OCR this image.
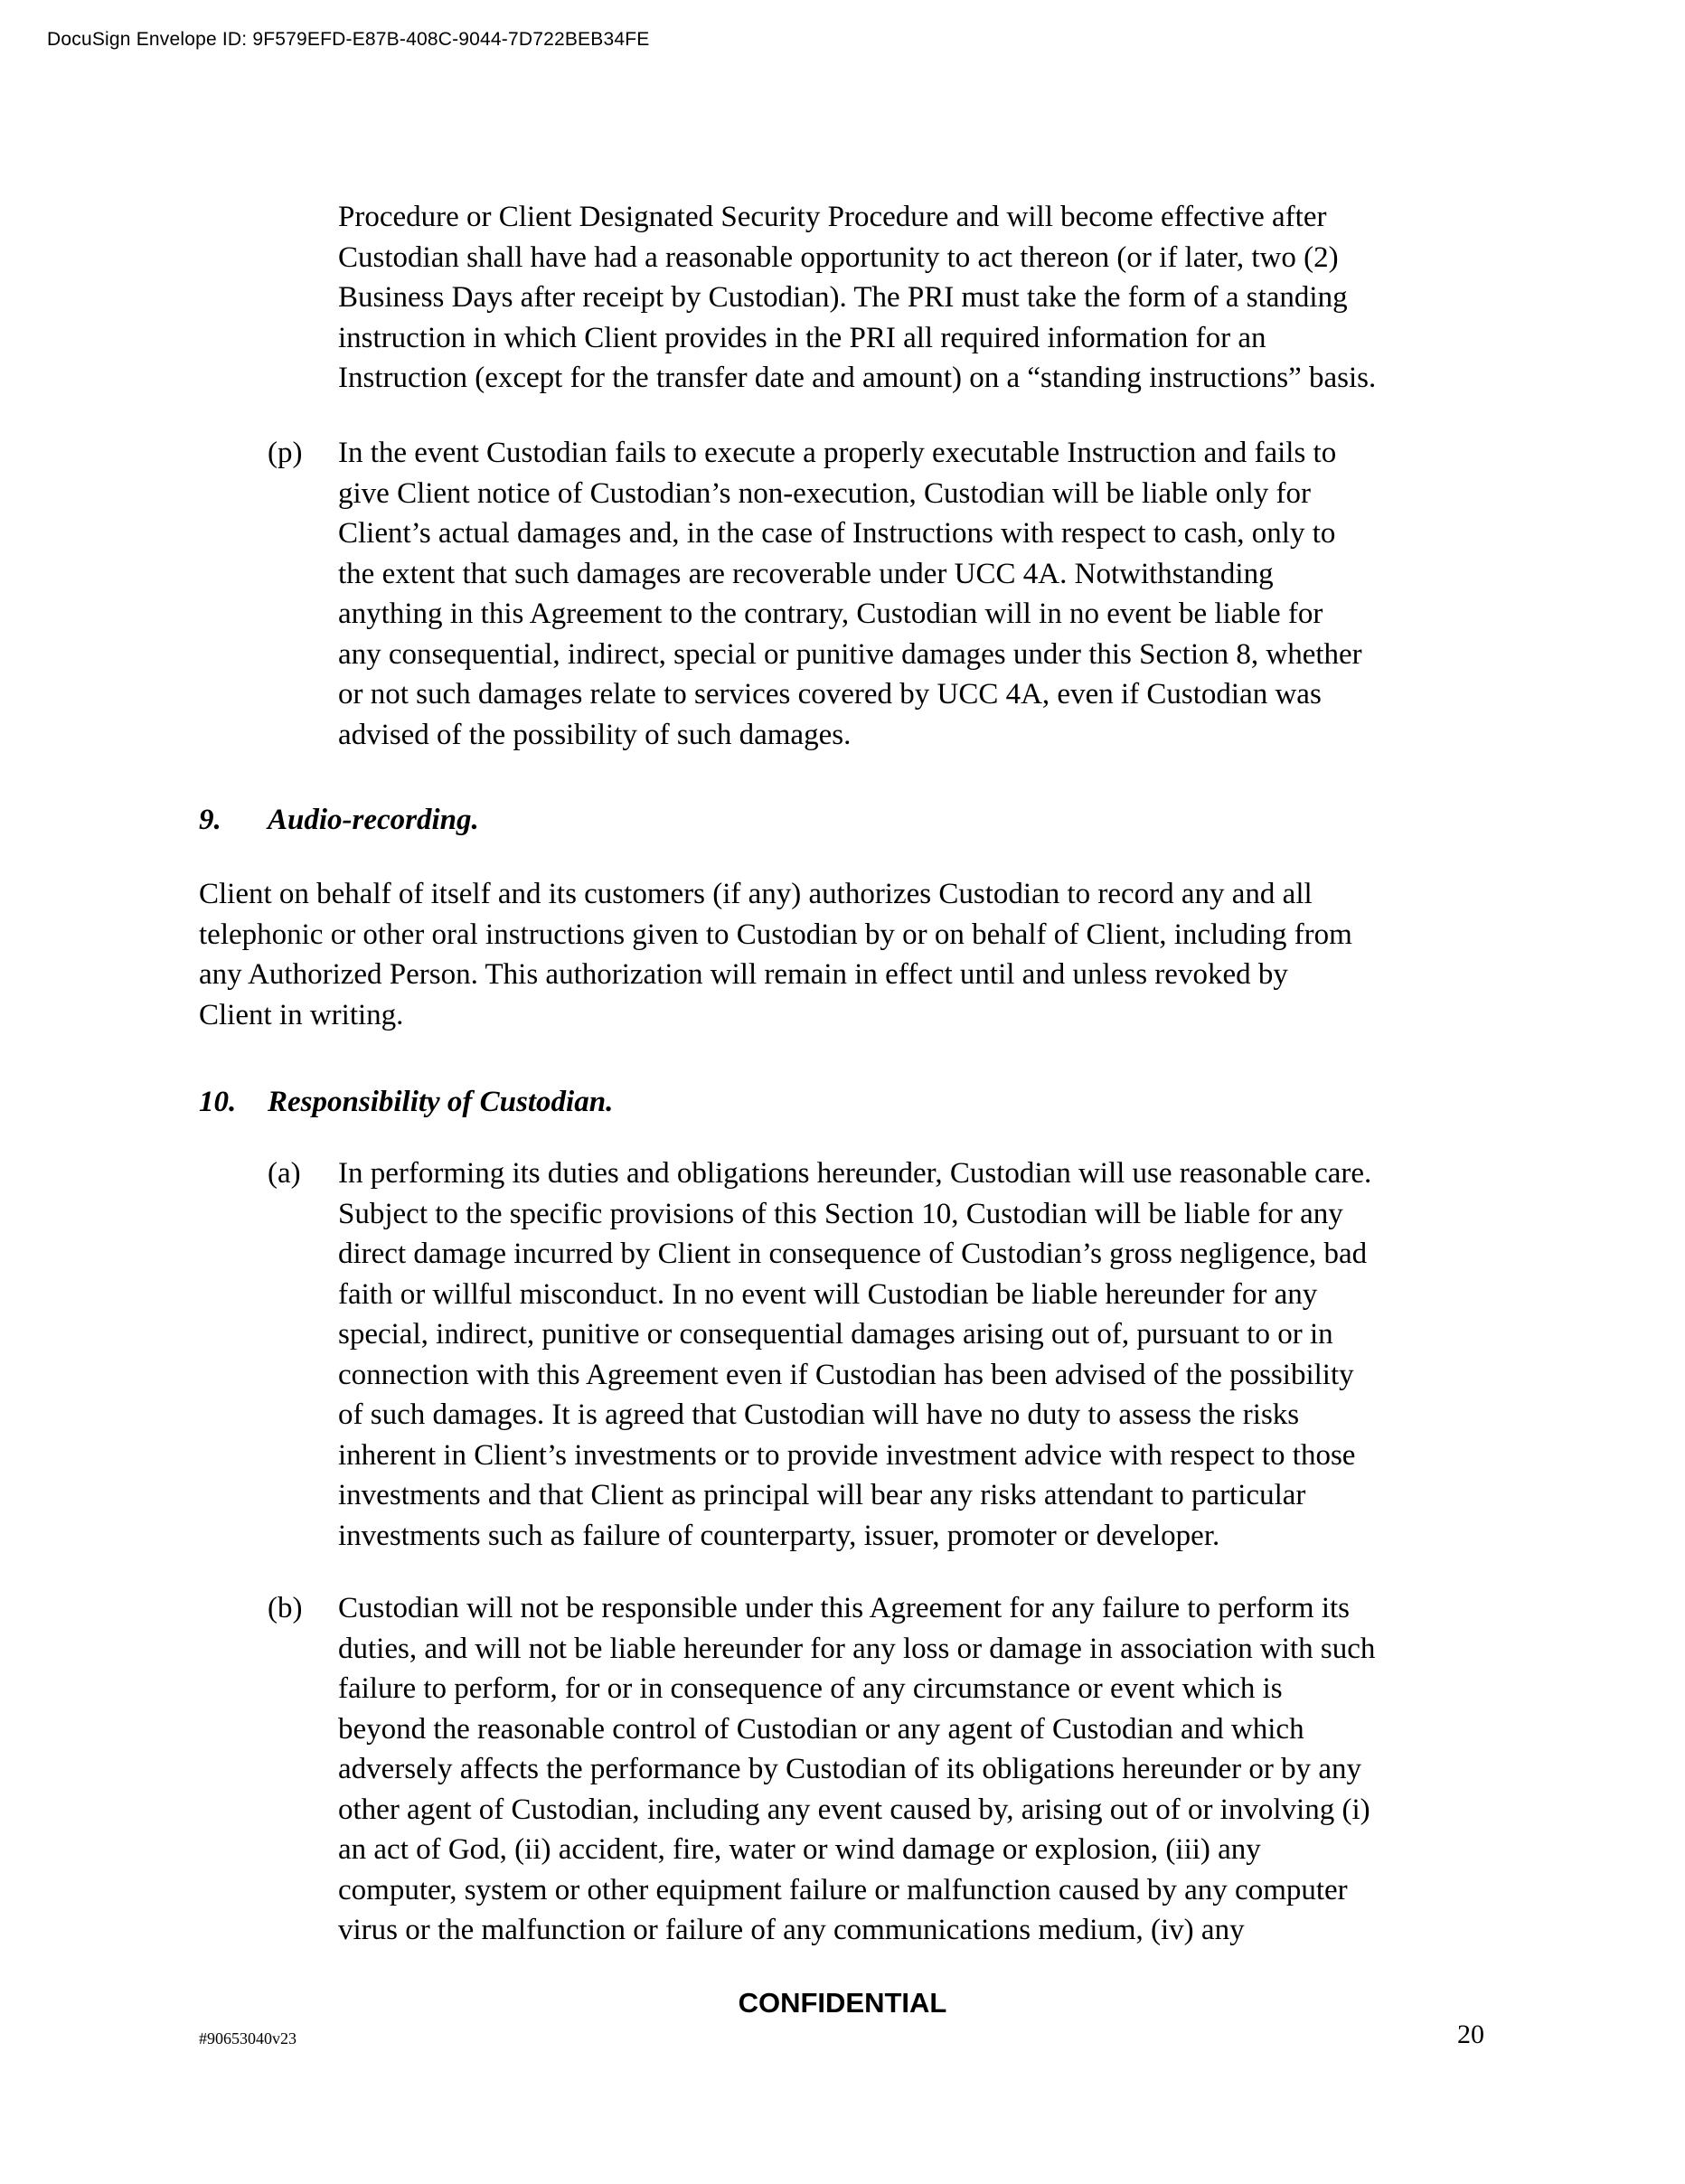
DocuSign Envelope ID: 9F579EFD-E87B-408C-9044-7D722BEB34FE
Procedure or Client Designated Security Procedure and will become effective after
Custodian shall have had a reasonable opportunity to act thereon (or if later, two (2)
Business Days after receipt by Custodian). The PRI must take the form of a standing
instruction in which Client provides in the PRI all required information for an
Instruction (except for the transfer date and amount) on a “standing instructions” basis.
(p) In the event Custodian fails to execute a properly executable Instruction and fails to
give Client notice of Custodian’s non-execution, Custodian will be liable only for
Client’s actual damages and, in the case of Instructions with respect to cash, only to
the extent that such damages are recoverable under UCC 4A. Notwithstanding
anything in this Agreement to the contrary, Custodian will in no event be liable for
any consequential, indirect, special or punitive damages under this Section 8, whether
or not such damages relate to services covered by UCC 4A, even if Custodian was
advised of the possibility of such damages.
9. Audio-recording.
Client on behalf of itself and its customers (if any) authorizes Custodian to record any and all
telephonic or other oral instructions given to Custodian by or on behalf of Client, including from
any Authorized Person. This authorization will remain in effect until and unless revoked by
Client in writing.
10. Responsibility of Custodian.
(a) In performing its duties and obligations hereunder, Custodian will use reasonable care.
Subject to the specific provisions of this Section 10, Custodian will be liable for any
direct damage incurred by Client in consequence of Custodian’s gross negligence, bad
faith or willful misconduct. In no event will Custodian be liable hereunder for any
special, indirect, punitive or consequential damages arising out of, pursuant to or in
connection with this Agreement even if Custodian has been advised of the possibility
of such damages. It is agreed that Custodian will have no duty to assess the risks
inherent in Client’s investments or to provide investment advice with respect to those
investments and that Client as principal will bear any risks attendant to particular
investments such as failure of counterparty, issuer, promoter or developer.
(b) Custodian will not be responsible under this Agreement for any failure to perform its
duties, and will not be liable hereunder for any loss or damage in association with such
failure to perform, for or in consequence of any circumstance or event which is
beyond the reasonable control of Custodian or any agent of Custodian and which
adversely affects the performance by Custodian of its obligations hereunder or by any
other agent of Custodian, including any event caused by, arising out of or involving (i)
an act of God, (ii) accident, fire, water or wind damage or explosion, (iii) any
computer, system or other equipment failure or malfunction caused by any computer
virus or the malfunction or failure of any communications medium, (iv) any
CONFIDENTIAL
#90653040v23	20
